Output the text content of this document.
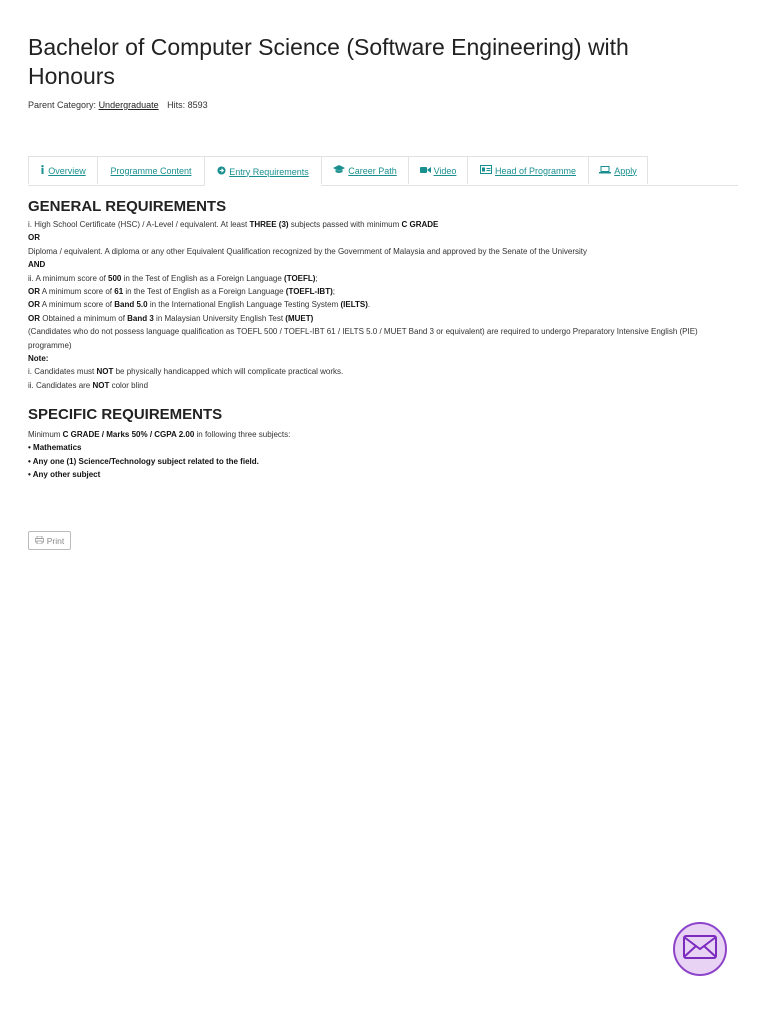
Bachelor of Computer Science (Software Engineering) with Honours
Parent Category: Undergraduate Hits: 8593
Overview	Programme Content	Entry Requirements	Career Path	Video	Head of Programme	Apply
GENERAL REQUIREMENTS
i. High School Certificate (HSC) / A-Level / equivalent. At least THREE (3) subjects passed with minimum C GRADE
OR
Diploma / equivalent. A diploma or any other Equivalent Qualification recognized by the Government of Malaysia and approved by the Senate of the University
AND
ii. A minimum score of 500 in the Test of English as a Foreign Language (TOEFL);
OR A minimum score of 61 in the Test of English as a Foreign Language (TOEFL-IBT);
OR A minimum score of Band 5.0 in the International English Language Testing System (IELTS).
OR Obtained a minimum of Band 3 in Malaysian University English Test (MUET)
(Candidates who do not possess language qualification as TOEFL 500 / TOEFL-IBT 61 / IELTS 5.0 / MUET Band 3 or equivalent) are required to undergo Preparatory Intensive English (PIE) programme)
Note:
i. Candidates must NOT be physically handicapped which will complicate practical works.
ii. Candidates are NOT color blind
SPECIFIC REQUIREMENTS
Minimum C GRADE / Marks 50% / CGPA 2.00 in following three subjects:
• Mathematics
• Any one (1) Science/Technology subject related to the field.
• Any other subject
Print
